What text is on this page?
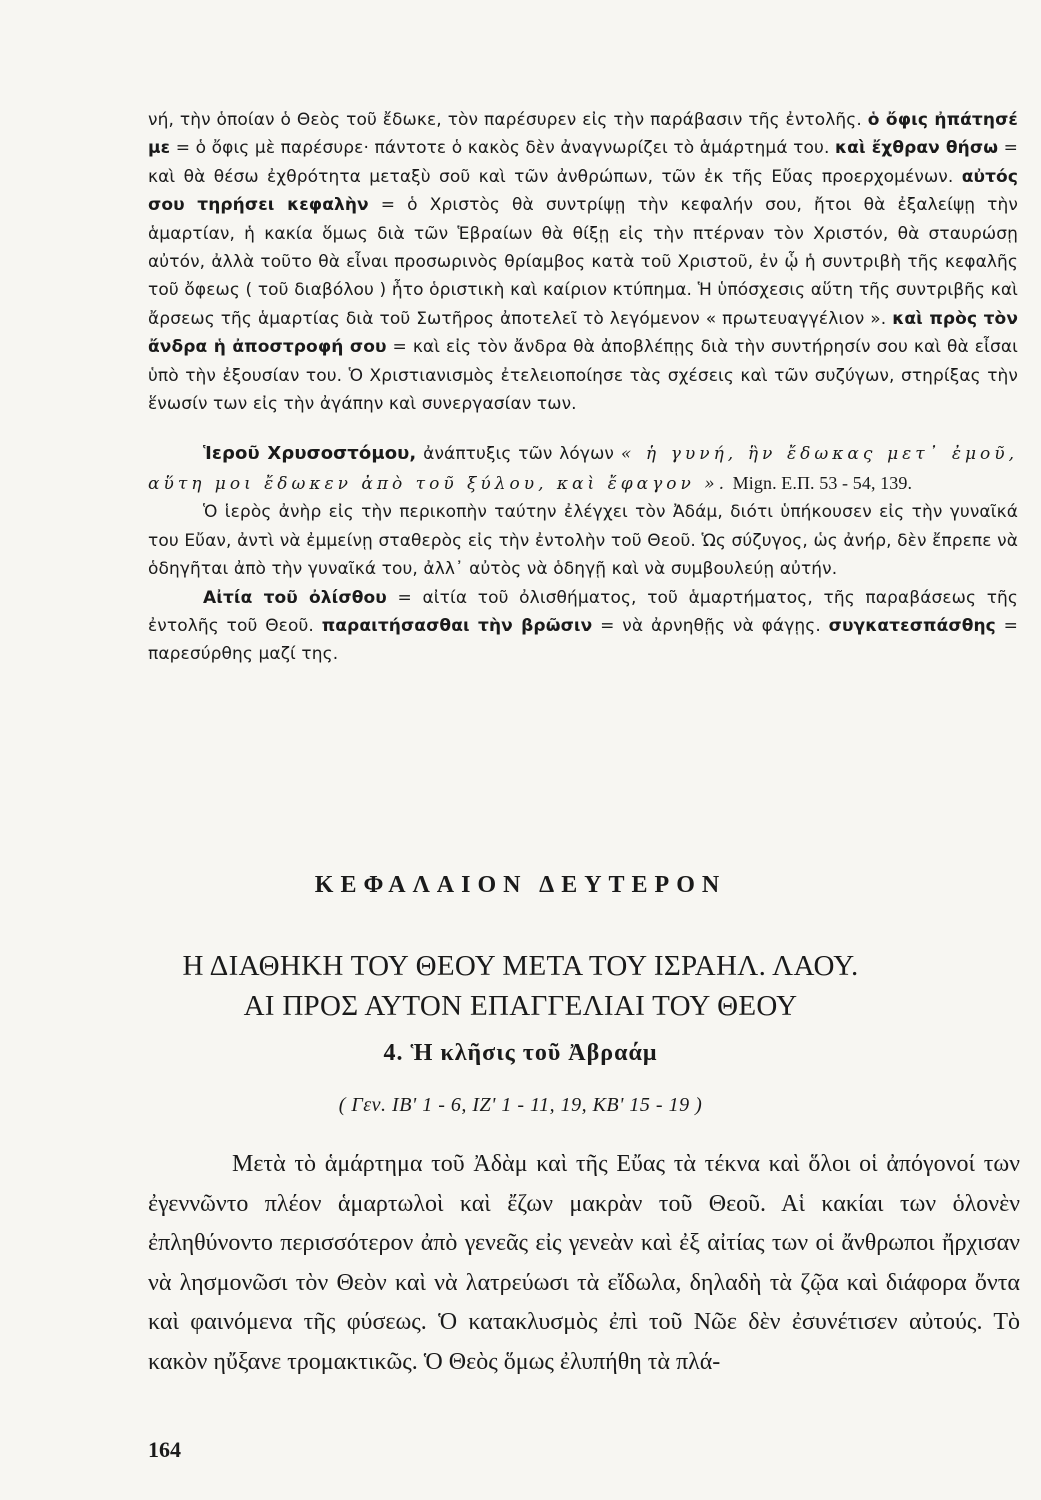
νή, τὴν ὁποίαν ὁ Θεὸς τοῦ ἔδωκε, τὸν παρέσυρεν εἰς τὴν παράβασιν τῆς ἐντολῆς. ὁ ὄφις ἠπάτησέ με = ὁ ὄφις μὲ παρέσυρε· πάντοτε ὁ κακὸς δὲν ἀναγνωρίζει τὸ ἁμάρτημά του. καὶ ἔχθραν θήσω = καὶ θὰ θέσω ἐχθρότητα μεταξὺ σοῦ καὶ τῶν ἀνθρώπων, τῶν ἐκ τῆς Εὔας προερχομένων. αὐτός σου τηρήσει κεφαλὴν = ὁ Χριστὸς θὰ συντρίψῃ τὴν κεφαλήν σου, ἤτοι θὰ ἐξαλείψῃ τὴν ἁμαρτίαν, ἡ κακία ὅμως διὰ τῶν Ἑβραίων θὰ θίξῃ εἰς τὴν πτέρναν τὸν Χριστόν, θὰ σταυρώσῃ αὐτόν, ἀλλὰ τοῦτο θὰ εἶναι προσωρινὸς θρίαμβος κατὰ τοῦ Χριστοῦ, ἐν ᾧ ἡ συντριβὴ τῆς κεφαλῆς τοῦ ὄφεως ( τοῦ διαβόλου ) ἦτο ὁριστικὴ καὶ καίριον κτύπημα. Ἡ ὑπόσχεσις αὕτη τῆς συντριβῆς καὶ ἄρσεως τῆς ἁμαρτίας διὰ τοῦ Σωτῆρος ἀποτελεῖ τὸ λεγόμενον « πρωτευαγγέλιον ». καὶ πρὸς τὸν ἄνδρα ἡ ἀποστροφή σου = καὶ εἰς τὸν ἄνδρα θὰ ἀποβλέπῃς διὰ τὴν συντήρησίν σου καὶ θὰ εἶσαι ὑπὸ τὴν ἐξουσίαν του. Ὁ Χριστιανισμὸς ἐτελειοποίησε τὰς σχέσεις καὶ τῶν συζύγων, στηρίξας τὴν ἕνωσίν των εἰς τὴν ἀγάπην καὶ συνεργασίαν των.

Ἱεροῦ Χρυσοστόμου, ἀνάπτυξις τῶν λόγων « ἡ γυνή, ἣν ἔδωκας μετ᾽ ἐμοῦ, αὕτη μοι ἔδωκεν ἀπὸ τοῦ ξύλου, καὶ ἔφαγον ». Mign. Ε.Π. 53 - 54, 139.

Ὁ ἱερὸς ἀνὴρ εἰς τὴν περικοπὴν ταύτην ἐλέγχει τὸν Ἀδάμ, διότι ὑπήκουσεν εἰς τὴν γυναῖκά του Εὔαν, ἀντὶ νὰ ἐμμείνῃ σταθερὸς εἰς τὴν ἐντολὴν τοῦ Θεοῦ. Ὡς σύζυγος, ὡς ἀνήρ, δὲν ἔπρεπε νὰ ὁδηγῆται ἀπὸ τὴν γυναῖκά του, ἀλλ᾽ αὐτὸς νὰ ὁδηγῇ καὶ νὰ συμβουλεύῃ αὐτήν.

Αἰτία τοῦ ὀλίσθου = αἰτία τοῦ ὀλισθήματος, τοῦ ἁμαρτήματος, τῆς παραβάσεως τῆς ἐντολῆς τοῦ Θεοῦ. παραιτήσασθαι τὴν βρῶσιν = νὰ ἀρνηθῇς νὰ φάγῃς. συγκατεσπάσθης = παρεσύρθης μαζί της.

ΚΕΦΑΛΑΙΟΝ ΔΕΥΤΕΡΟΝ
Η ΔΙΑΘΗΚΗ ΤΟΥ ΘΕΟΥ ΜΕΤΑ ΤΟΥ ΙΣΡΑΗΛ. ΛΑΟΥ.
ΑΙ ΠΡΟΣ ΑΥΤΟΝ ΕΠΑΓΓΕΛΙΑΙ ΤΟΥ ΘΕΟΥ
4. Ἡ κλῆσις τοῦ Ἀβραάμ
( Γεν. ΙΒ' 1 - 6, ΙΖ' 1 - 11, 19, ΚΒ' 15 - 19 )

Μετὰ τὸ ἁμάρτημα τοῦ Ἀδὰμ καὶ τῆς Εὔας τὰ τέκνα καὶ ὅλοι οἱ ἀπόγονοί των ἐγεννῶντο πλέον ἁμαρτωλοὶ καὶ ἔζων μακρὰν τοῦ Θεοῦ. Αἱ κακίαι των ὁλονὲν ἐπληθύνοντο περισσότερον ἀπὸ γενεᾶς εἰς γενεὰν καὶ ἐξ αἰτίας των οἱ ἄνθρωποι ἤρχισαν νὰ λησμονῶσι τὸν Θεὸν καὶ νὰ λατρεύωσι τὰ εἴδωλα, δηλαδὴ τὰ ζῷα καὶ διάφορα ὄντα καὶ φαινόμενα τῆς φύσεως. Ὁ κατακλυσμὸς ἐπὶ τοῦ Νῶε δὲν ἐσυνέτισεν αὐτούς. Τὸ κακὸν ηὔξανε τρομακτικῶς. Ὁ Θεὸς ὅμως ἐλυπήθη τὰ πλά-

164
